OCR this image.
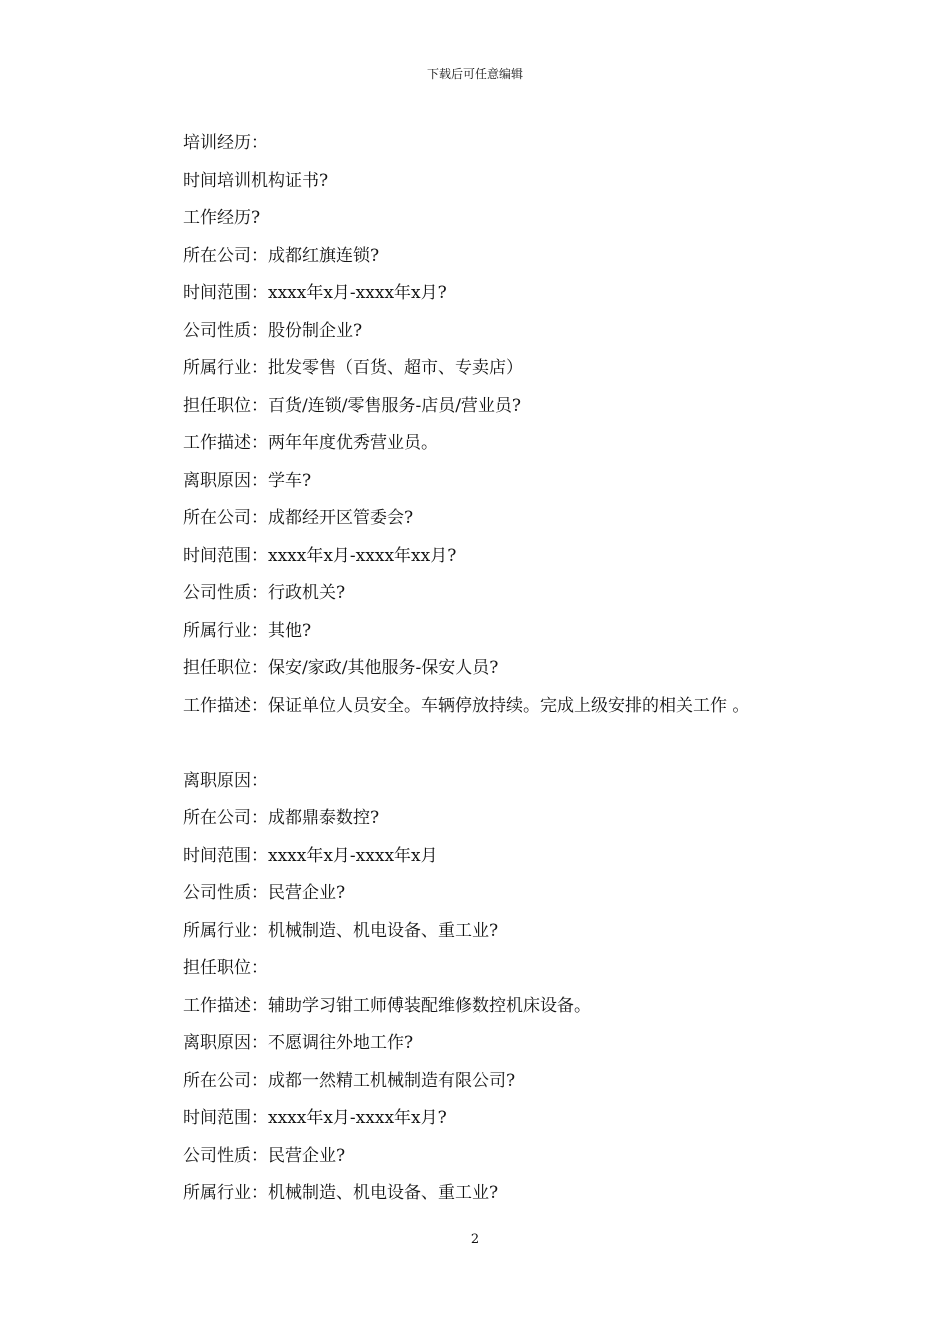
下载后可任意编辑
培训经历：
时间培训机构证书?
工作经历?
所在公司：成都红旗连锁?
时间范围：xxxx年x月-xxxx年x月?
公司性质：股份制企业?
所属行业：批发零售（百货、超市、专卖店）
担任职位：百货/连锁/零售服务-店员/营业员?
工作描述：两年年度优秀营业员。
离职原因：学车?
所在公司：成都经开区管委会?
时间范围：xxxx年x月-xxxx年xx月?
公司性质：行政机关?
所属行业：其他?
担任职位：保安/家政/其他服务-保安人员?
工作描述：保证单位人员安全。车辆停放持续。完成上级安排的相关工作 。
离职原因：
所在公司：成都鼎泰数控?
时间范围：xxxx年x月-xxxx年x月
公司性质：民营企业?
所属行业：机械制造、机电设备、重工业?
担任职位：
工作描述：辅助学习钳工师傅装配维修数控机床设备。
离职原因：不愿调往外地工作?
所在公司：成都一然精工机械制造有限公司?
时间范围：xxxx年x月-xxxx年x月?
公司性质：民营企业?
所属行业：机械制造、机电设备、重工业?
2
